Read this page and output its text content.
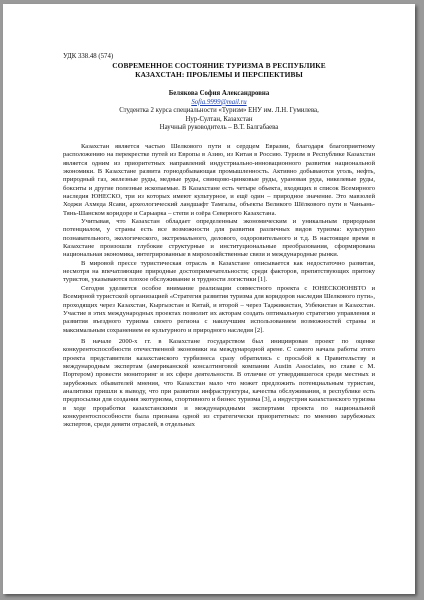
УДК 338.48 (574)

СОВРЕМЕННОЕ СОСТОЯНИЕ ТУРИЗМА В РЕСПУБЛИКЕ

КАЗАХСТАН: ПРОБЛЕМЫ И ПЕРСПЕКТИВЫ

Белякова София Александровна
Sofia.9999@mail.ru
Студентка 2 курса специальности «Туризм» ЕНУ им. Л.Н. Гумилева,
Нур-Султан, Казахстан
Научный руководитель – В.Т. Балгабаева

Казахстан является частью Шелкового пути и сердцем Евразии, благодаря благоприятному расположению на перекрестке путей из Европы в Азию, из Китая в Россию. Туризм в Республике Казахстан является одним из приоритетных направлений индустриально-инновационного развития национальной экономики. В Казахстане развита горнодобывающая промышленность. Активно добываются уголь, нефть, природный газ, железные руды, медные руды, свинцово-цинковые руды, урановая руда, никелевые руды, бокситы и другие полезные ископаемые. В Казахстане есть четыре объекта, входящих в список Всемирного наследия ЮНЕСКО, три из которых имеют культурное, и ещё один – природное значение. Это мавзолей Ходжи Ахмеда Ясави, археологический ландшафт Тамгалы, объекты Великого Шёлкового пути в Чаньань-Тянь-Шанском коридоре и Сарыарка – степи и озёра Северного Казахстана.

Учитывая, что Казахстан обладает определенным экономическим и уникальным природным потенциалом, у страны есть все возможности для развития различных видов туризма: культурно познавательного, экологического, экстремального, делового, оздоровительного и т.д. В настоящее время в Казахстане произошли глубокие структурные и институциональные преобразования, сформирована национальная экономика, интегрированные в мирохозяйственные связи и международные рынки.

В мировой прессе туристическая отрасль в Казахстане описывается как недостаточно развитая, несмотря на впечатляющие природные достопримечательности; среди факторов, препятствующих притоку туристов, указываются плохое обслуживание и трудности логистики [1].

Сегодня уделяется особое внимание реализации совместного проекта с ЮНЕСКОЮНВТО и Всемирной туристской организацией «Стратегия развития туризма для коридоров наследия Шелкового пути», проходящих через Казахстан, Кыргызстан и Китай, и второй – через Таджикистан, Узбекистан и Казахстан. Участие в этих международных проектах позволит их акторам создать оптимальную стратегию управления и развития въездного туризма своего региона с наилучшим использованием возможностей страны и максимальным сохранением ее культурного и природного наследия [2].

В начале 2000-х гг. в Казахстане государством был инициирован проект по оценке конкурентоспособности отечественной экономики на международной арене. С самого начала работы этого проекта представители казахстанского турбизнеса сразу обратились с просьбой к Правительству и международным экспертам (американской консалтинговой компании Austin Associates, во главе с М. Портером) провести мониторинг и их сфере деятельности. В отличие от утвердившегося среди местных и зарубежных обывателей мнения, что Казахстан мало что может предложить потенциальным туристам, аналитики пришли к выводу, что при развитии инфраструктуры, качества обслуживания, в республике есть предпосылки для создания экотуризма, спортивного и бизнес туризма [3], а индустрия казахстанского туризма в ходе проработки казахстанскими и международными экспертами проекта по национальной конкурентоспособности была признана одной из стратегически приоритетных: по мнению зарубежных экспертов, среди девяти отраслей, в отдельных
